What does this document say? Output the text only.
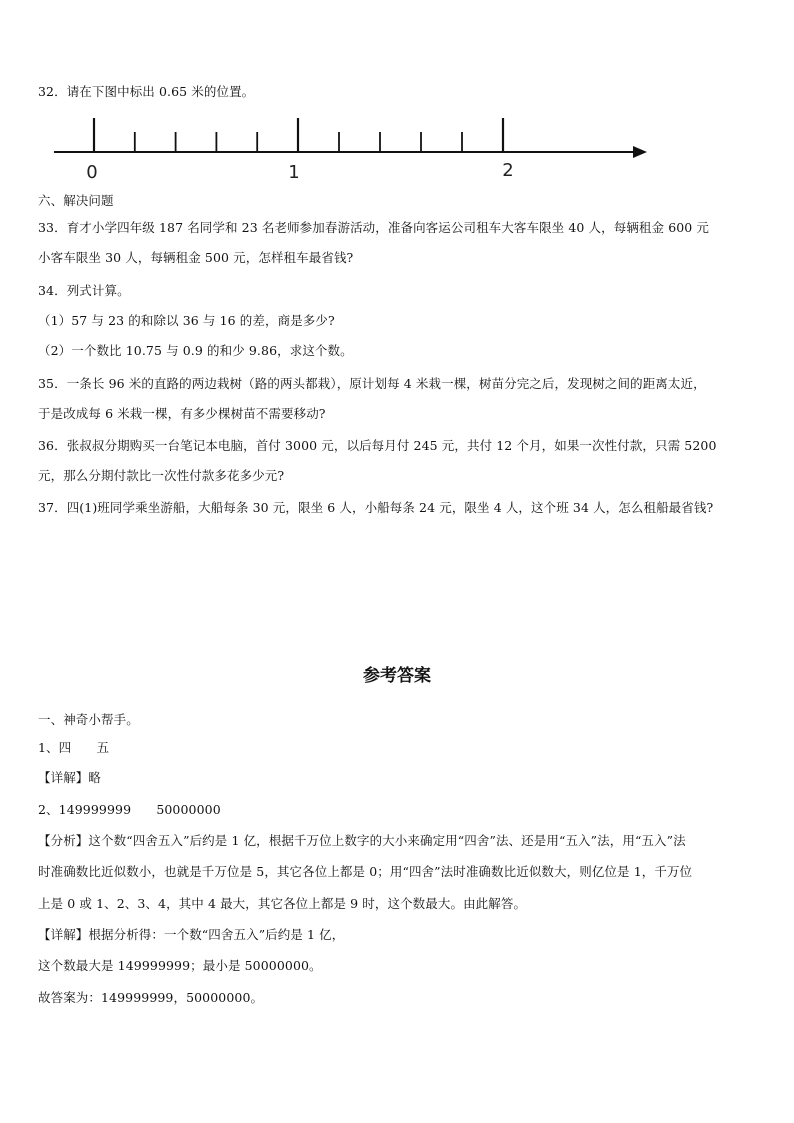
32．请在下图中标出 0.65 米的位置。
0	1	2
六、解决问题
33．育才小学四年级 187 名同学和 23 名老师参加春游活动，准备向客运公司租车大客车限坐 40 人，每辆租金 600 元
小客车限坐 30 人，每辆租金 500 元，怎样租车最省钱?
34．列式计算。
（1）57 与 23 的和除以 36 与 16 的差，商是多少?
（2）一个数比 10.75 与 0.9 的和少 9.86，求这个数。
35．一条长 96 米的直路的两边栽树（路的两头都栽），原计划每 4 米栽一棵，树苗分完之后，发现树之间的距离太近，
于是改成每 6 米栽一棵，有多少棵树苗不需要移动?
36．张叔叔分期购买一台笔记本电脑，首付 3000 元，以后每月付 245 元，共付 12 个月，如果一次性付款，只需 5200
元，那么分期付款比一次性付款多花多少元?
37．四(1)班同学乘坐游船，大船每条 30 元，限坐 6 人，小船每条 24 元，限坐 4 人，这个班 34 人，怎么租船最省钱?
参考答案
一、神奇小帮手。
1、四　　五
【详解】略
2、149999999　　50000000
【分析】这个数“四舍五入”后约是 1 亿，根据千万位上数字的大小来确定用“四舍”法、还是用“五入”法，用“五入”法
时准确数比近似数小，也就是千万位是 5，其它各位上都是 0；用“四舍”法时准确数比近似数大，则亿位是 1，千万位
上是 0 或 1、2、3、4，其中 4 最大，其它各位上都是 9 时，这个数最大。由此解答。
【详解】根据分析得：一个数“四舍五入”后约是 1 亿，
这个数最大是 149999999；最小是 50000000。
故答案为：149999999，50000000。
